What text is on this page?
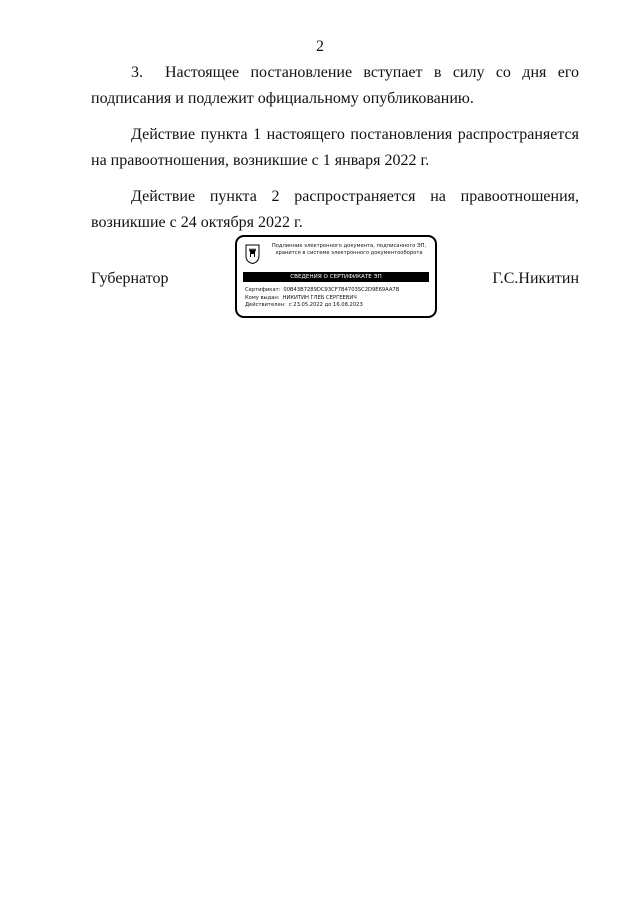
2

3. Настоящее постановление вступает в силу со дня его подписания и подлежит официальному опубликованию.

Действие пункта 1 настоящего постановления распространяется на правоотношения, возникшие с 1 января 2022 г.

Действие пункта 2 распространяется на правоотношения, возникшие с 24 октября 2022 г.

Губернатор	Г.С.Никитин
Подлинник электронного документа, подписанного ЭП,
хранится в системе электронного документооборота
СВЕДЕНИЯ О СЕРТИФИКАТЕ ЭП
Сертификат: 00B43B7289DC93CF7B4703SC2D9E69AA7B
Кому выдан: НИКИТИН ГЛЕБ СЕРГЕЕВИЧ
Действителен: с 23.05.2022 до 16.08.2023
